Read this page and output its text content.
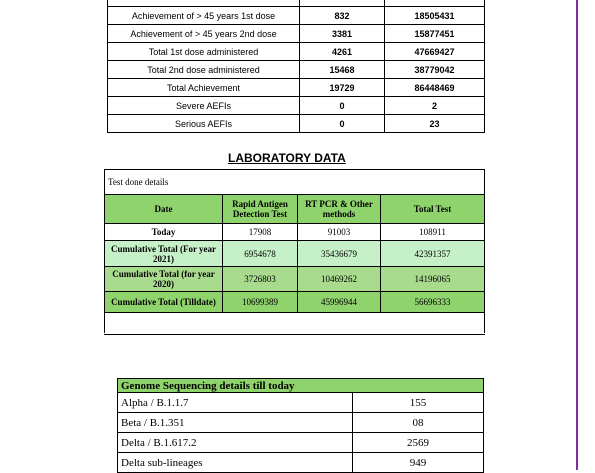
Achievement of > 45 years 1st dose	832	18505431
Achievement of > 45 years 2nd dose	3381	15877451
Total 1st dose administered	4261	47669427
Total 2nd dose administered	15468	38779042
Total Achievement	19729	86448469
Severe AEFIs	0	2
Serious AEFIs	0	23
LABORATORY DATA
Test done details			
Date	Rapid Antigen Detection Test	RT PCR & Other methods	Total Test
Today	17908	91003	108911
Cumulative Total (For year 2021)	6954678	35436679	42391357
Cumulative Total (for year 2020)	3726803	10469262	14196065
Cumulative Total (Tilldate)	10699389	45996944	56696333

Genome Sequencing details till today	
Alpha / B.1.1.7	155
Beta / B.1.351	08
Delta / B.1.617.2	2569
Delta sub-lineages	949
